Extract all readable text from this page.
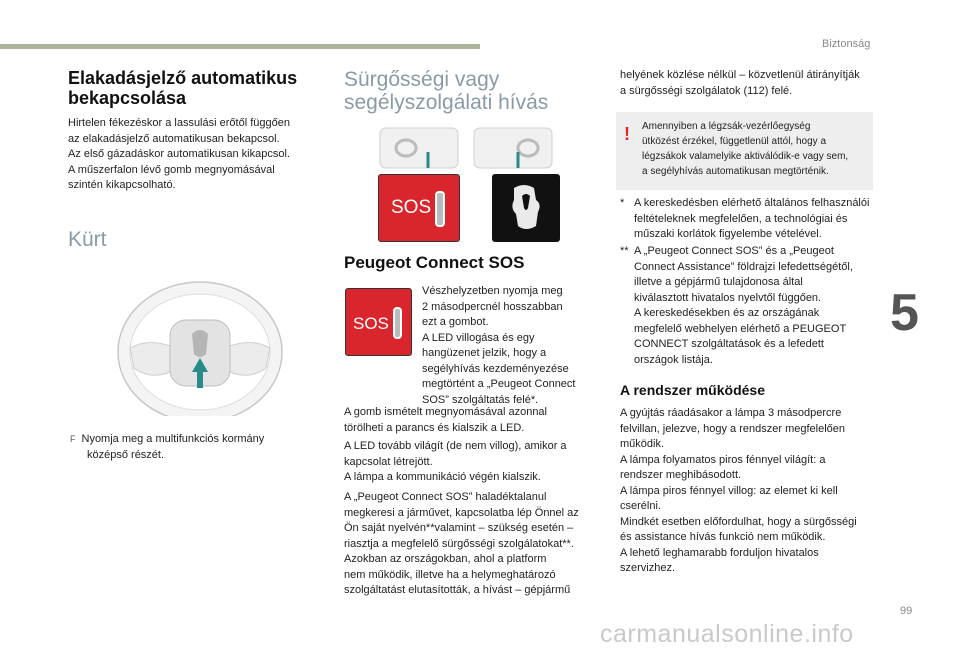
Biztonság
Elakadásjelző automatikus bekapcsolása
Hirtelen fékezéskor a lassulási erőtől függően
az elakadásjelző automatikusan bekapcsol.
Az első gázadáskor automatikusan kikapcsol.
A műszerfalon lévő gomb megnyomásával
szintén kikapcsolható.
Kürt
F Nyomja meg a multifunkciós kormány
középső részét.
Sürgősségi vagy
segélyszolgálati hívás
SOS
Peugeot Connect SOS
SOS
Vészhelyzetben nyomja meg
2 másodpercnél hosszabban
ezt a gombot.
A LED villogása és egy
hangüzenet jelzik, hogy a
segélyhívás kezdeményezése
megtörtént a „Peugeot Connect
SOS” szolgáltatás felé*.
A gomb ismételt megnyomásával azonnal
törölheti a parancs és kialszik a LED.
A LED tovább világít (de nem villog), amikor a
kapcsolat létrejött.
A lámpa a kommunikáció végén kialszik.
A „Peugeot Connect SOS” haladéktalanul
megkeresi a járművet, kapcsolatba lép Önnel az
Ön saját nyelvén**valamint – szükség esetén –
riasztja a megfelelő sürgősségi szolgálatokat**.
Azokban az országokban, ahol a platform
nem működik, illetve ha a helymeghatározó
szolgáltatást elutasították, a hívást – gépjármű
helyének közlése nélkül – közvetlenül átirányítják
a sürgősségi szolgálatok (112) felé.
! Amennyiben a légzsák-vezérlőegység
ütközést érzékel, függetlenül attól, hogy a
légzsákok valamelyike aktiválódik-e vagy sem,
a segélyhívás automatikusan megtörténik.
* A kereskedésben elérhető általános felhasználói
feltételeknek megfelelően, a technológiai és
műszaki korlátok figyelembe vételével.
** A „Peugeot Connect SOS” és a „Peugeot
Connect Assistance” földrajzi lefedettségétől,
illetve a gépjármű tulajdonosa által
kiválasztott hivatalos nyelvtől függően.
A kereskedésekben és az országának
megfelelő webhelyen elérhető a PEUGEOT
CONNECT szolgáltatások és a lefedett
országok listája.
A rendszer működése
A gyújtás ráadásakor a lámpa 3 másodpercre
felvillan, jelezve, hogy a rendszer megfelelően
működik.
A lámpa folyamatos piros fénnyel világít: a
rendszer meghibásodott.
A lámpa piros fénnyel villog: az elemet ki kell
cserélni.
Mindkét esetben előfordulhat, hogy a sürgősségi
és assistance hívás funkció nem működik.
A lehető leghamarabb forduljon hivatalos
szervizhez.
5
99
carmanualsonline.info
